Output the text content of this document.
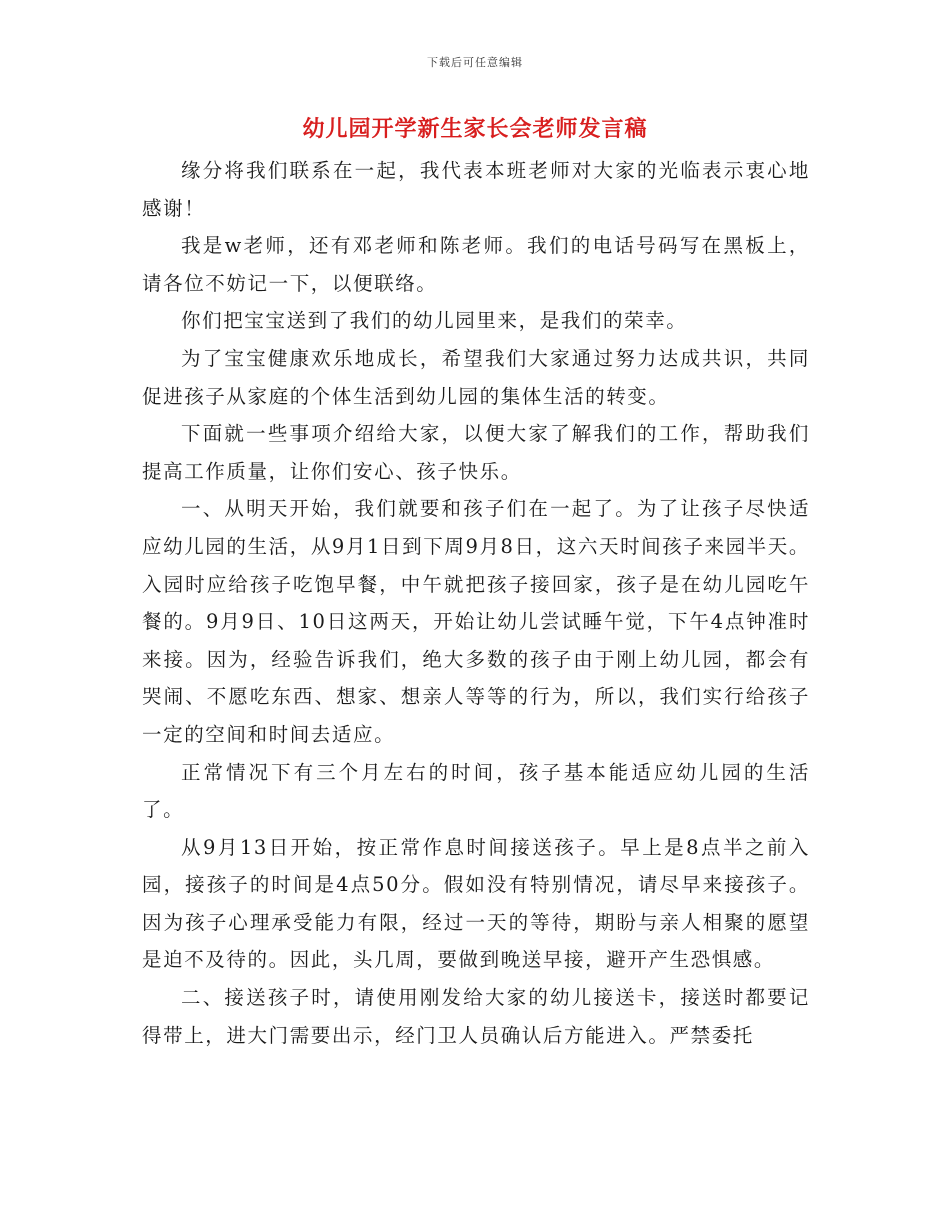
下载后可任意编辑
幼儿园开学新生家长会老师发言稿

缘分将我们联系在一起，我代表本班老师对大家的光临表示衷心地感谢！

我是w老师，还有邓老师和陈老师。我们的电话号码写在黑板上，请各位不妨记一下，以便联络。

你们把宝宝送到了我们的幼儿园里来，是我们的荣幸。

为了宝宝健康欢乐地成长，希望我们大家通过努力达成共识，共同促进孩子从家庭的个体生活到幼儿园的集体生活的转变。

下面就一些事项介绍给大家，以便大家了解我们的工作，帮助我们提高工作质量，让你们安心、孩子快乐。

一、从明天开始，我们就要和孩子们在一起了。为了让孩子尽快适应幼儿园的生活，从9月1日到下周9月8日，这六天时间孩子来园半天。入园时应给孩子吃饱早餐，中午就把孩子接回家，孩子是在幼儿园吃午餐的。9月9日、10日这两天，开始让幼儿尝试睡午觉，下午4点钟准时来接。因为，经验告诉我们，绝大多数的孩子由于刚上幼儿园，都会有哭闹、不愿吃东西、想家、想亲人等等的行为，所以，我们实行给孩子一定的空间和时间去适应。

正常情况下有三个月左右的时间，孩子基本能适应幼儿园的生活了。

从9月13日开始，按正常作息时间接送孩子。早上是8点半之前入园，接孩子的时间是4点50分。假如没有特别情况，请尽早来接孩子。因为孩子心理承受能力有限，经过一天的等待，期盼与亲人相聚的愿望是迫不及待的。因此，头几周，要做到晚送早接，避开产生恐惧感。

二、接送孩子时，请使用刚发给大家的幼儿接送卡，接送时都要记得带上，进大门需要出示，经门卫人员确认后方能进入。严禁委托
